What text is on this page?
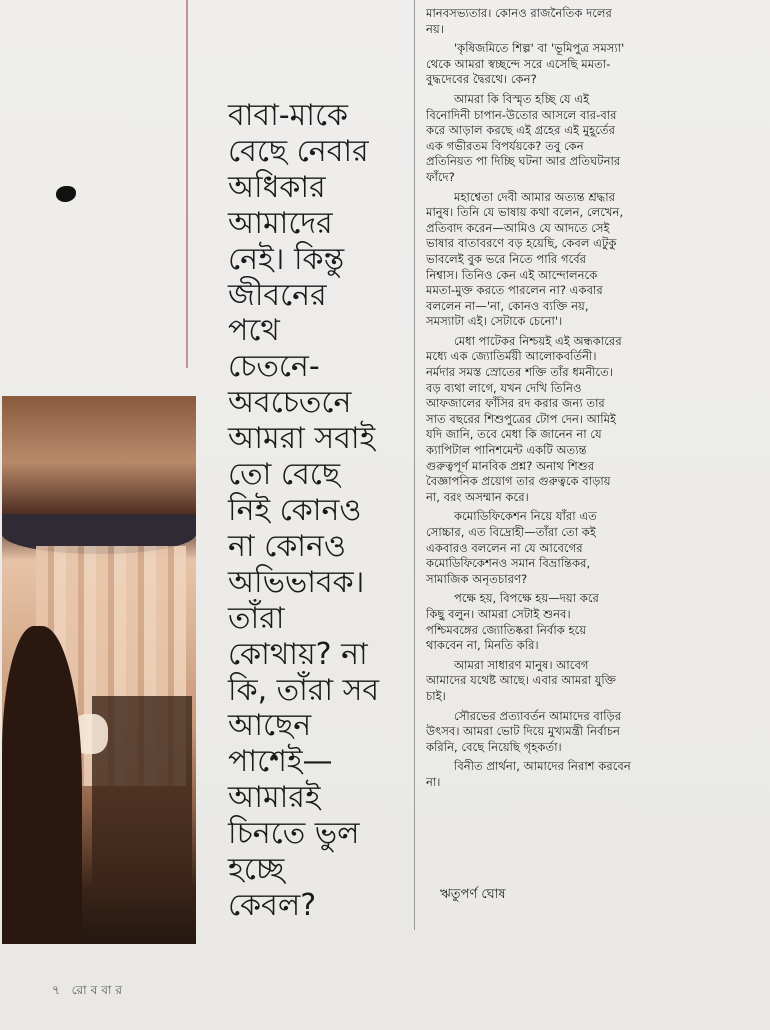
বাবা-মাকে
বেছে নেবার
অধিকার
আমাদের
নেই। কিন্তু
জীবনের
পথে
চেতনে-
অবচেতনে
আমরা সবাই
তো বেছে
নিই কোনও
না কোনও
অভিভাবক।
তাঁরা
কোথায়? না
কি, তাঁরা সব
আছেন
পাশেই—
আমারই
চিনতে ভুল
হচ্ছে
কেবল?
মানবসভ্যতার। কোনও রাজনৈতিক দলের
নয়।
'কৃষিজমিতে শিল্প' বা 'ভূমিপুত্র সমস্যা'
থেকে আমরা স্বচ্ছন্দে সরে এসেছি মমতা-
বুদ্ধদেবের দ্বৈরথে। কেন?
আমরা কি বিস্মৃত হচ্ছি যে এই
বিনোদিনী চাপান-উতোর আসলে বার-বার
করে আড়াল করছে এই গ্রহের এই মুহূর্তের
এক গভীরতম বিপর্যয়কে? তবু কেন
প্রতিনিয়ত পা দিচ্ছি ঘটনা আর প্রতিঘটনার
ফাঁদে?
মহাশ্বেতা দেবী আমার অত্যন্ত শ্রদ্ধার
মানুষ। তিনি যে ভাষায় কথা বলেন, লেখেন,
প্রতিবাদ করেন—আমিও যে আদতে সেই
ভাষার বাতাবরণে বড় হয়েছি, কেবল এটুকু
ভাবলেই বুক ভরে নিতে পারি গর্বের
নিশ্বাস। তিনিও কেন এই আন্দোলনকে
মমতা-মুক্ত করতে পারলেন না? একবার
বললেন না—'না, কোনও ব্যক্তি নয়,
সমস্যাটা এই। সেটাকে চেনো'।
মেধা পাটেকর নিশ্চয়ই এই অন্ধকারের
মধ্যে এক জ্যোতির্ময়ী আলোকবর্তিনী।
নর্মদার সমস্ত স্রোতের শক্তি তাঁর ধমনীতে।
বড় ব্যথা লাগে, যখন দেখি তিনিও
আফজালের ফাঁসির রদ করার জন্য তার
সাত বছরের শিশুপুত্রের টোপ দেন। আমিই
যদি জানি, তবে মেধা কি জানেন না যে
ক্যাপিটাল পানিশমেন্ট একটি অত্যন্ত
গুরুত্বপূর্ণ মানবিক প্রশ্ন? অনাথ শিশুর
বৈজ্ঞাপনিক প্রয়োগ তার গুরুত্বকে বাড়ায়
না, বরং অসম্মান করে।
কমোডিফিকেশন নিয়ে যাঁরা এত
সোচ্চার, এত বিদ্রোহী—তাঁরা তো কই
একবারও বললেন না যে আবেগের
কমোডিফিকেশনও সমান বিভ্রান্তিকর,
সামাজিক অনৃতচারণ?
পক্ষে হয়, বিপক্ষে হয়—দয়া করে
কিছু বলুন। আমরা সেটাই শুনব।
পশ্চিমবঙ্গের জ্যোতিষ্করা নির্বাক হয়ে
থাকবেন না, মিনতি করি।
আমরা সাধারণ মানুষ। আবেগ
আমাদের যথেষ্ট আছে। এবার আমরা যুক্তি
চাই।
সৌরভের প্রত্যাবর্তন আমাদের বাড়ির
উৎসব। আমরা ভোট দিয়ে মুখ্যমন্ত্রী নির্বাচন
করিনি, বেছে নিয়েছি গৃহকর্তা।
বিনীত প্রার্থনা, আমাদের নিরাশ করবেন
না।
ঋতুপর্ণ ঘোষ
৭ রোববার
